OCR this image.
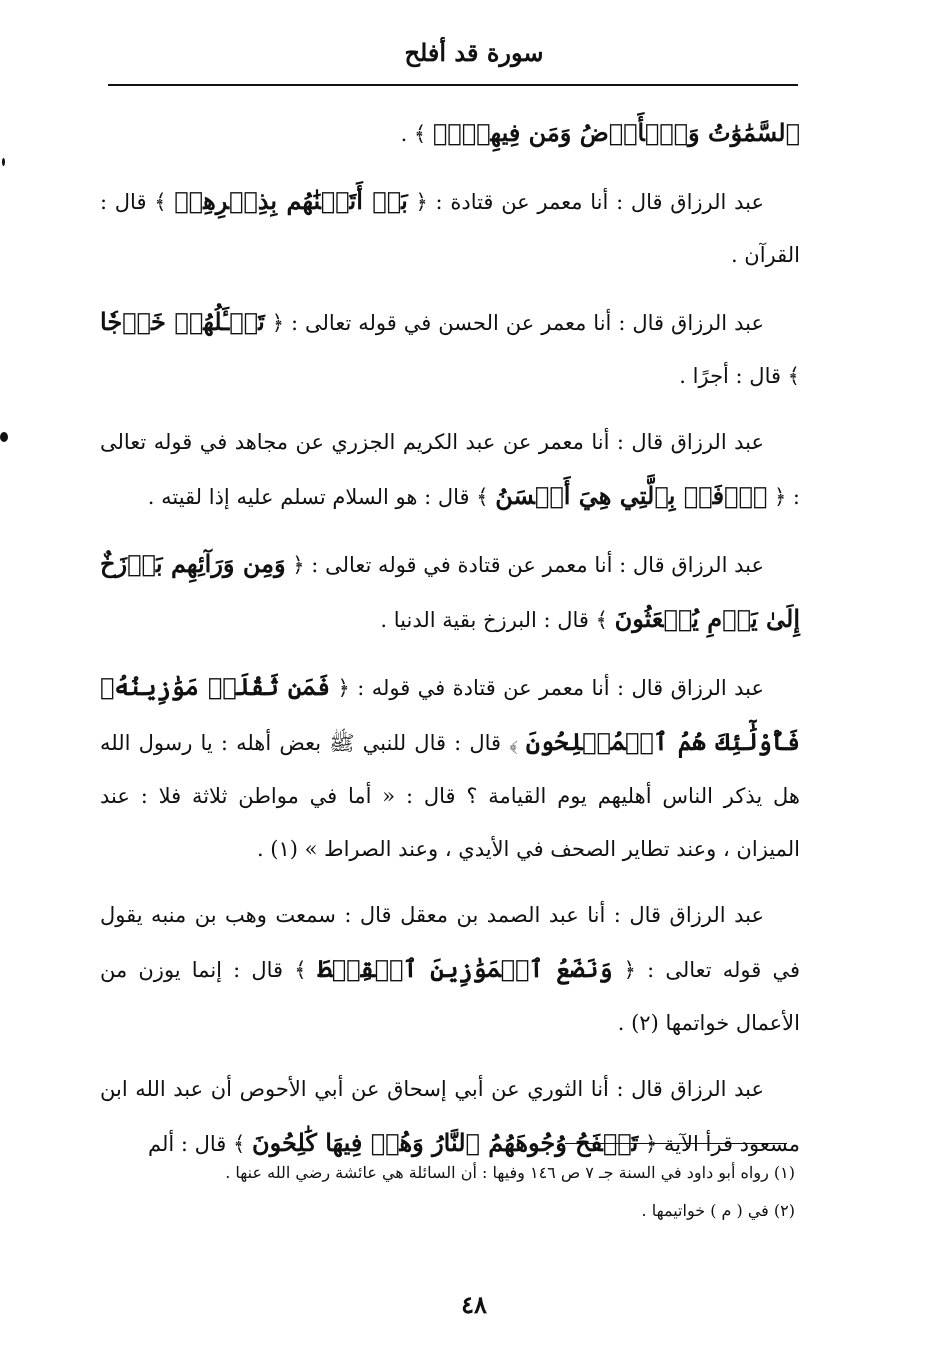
سورة قد أفلح

ٱلسَّمَٰوَٰتُ وَٱلۡأَرۡضُ وَمَن فِيهِنَّۚ ﴾ .

عبد الرزاق قال : أنا معمر عن قتادة : ﴿ بَلۡ أَتَيۡنَٰهُم بِذِكۡرِهِمۡ ﴾ قال : القرآن .

عبد الرزاق قال : أنا معمر عن الحسن في قوله تعالى : ﴿ تَسۡـَٔلُهُمۡ خَرۡجٗا ﴾ قال : أجرًا .

عبد الرزاق قال : أنا معمر عن عبد الكريم الجزري عن مجاهد في قوله تعالى : ﴿ ٱدۡفَعۡ بِٱلَّتِي هِيَ أَحۡسَنُ ﴾ قال : هو السلام تسلم عليه إذا لقيته .

عبد الرزاق قال : أنا معمر عن قتادة في قوله تعالى : ﴿ وَمِن وَرَآئِهِم بَرۡزَخٌ إِلَىٰ يَوۡمِ يُبۡعَثُونَ ﴾ قال : البرزخ بقية الدنيا .

عبد الرزاق قال : أنا معمر عن قتادة في قوله : ﴿ فَمَن ثَقُلَتۡ مَوَٰزِينُهُۥ فَأُوْلَٰٓئِكَ هُمُ ٱلۡمُفۡلِحُونَ ﴾ قال : قال للنبي ﷺ بعض أهله : يا رسول الله هل يذكر الناس أهليهم يوم القيامة ؟ قال : « أما في مواطن ثلاثة فلا : عند الميزان ، وعند تطاير الصحف في الأيدي ، وعند الصراط » (١) .

عبد الرزاق قال : أنا عبد الصمد بن معقل قال : سمعت وهب بن منبه يقول في قوله تعالى : ﴿ وَنَضَعُ ٱلۡمَوَٰزِينَ ٱلۡقِسۡطَ ﴾ قال : إنما يوزن من الأعمال خواتمها (٢) .

عبد الرزاق قال : أنا الثوري عن أبي إسحاق عن أبي الأحوص أن عبد الله ابن مسعود قرأ الآية ﴿ تَلۡفَحُ وُجُوهَهُمُ ٱلنَّارُ وَهُمۡ فِيهَا كَٰلِحُونَ ﴾ قال : ألم

(١) رواه أبو داود في السنة جـ ٧ ص ١٤٦ وفيها : أن السائلة هي عائشة رضي الله عنها .

(٢) في ( م ) خواتيمها .

٤٨
